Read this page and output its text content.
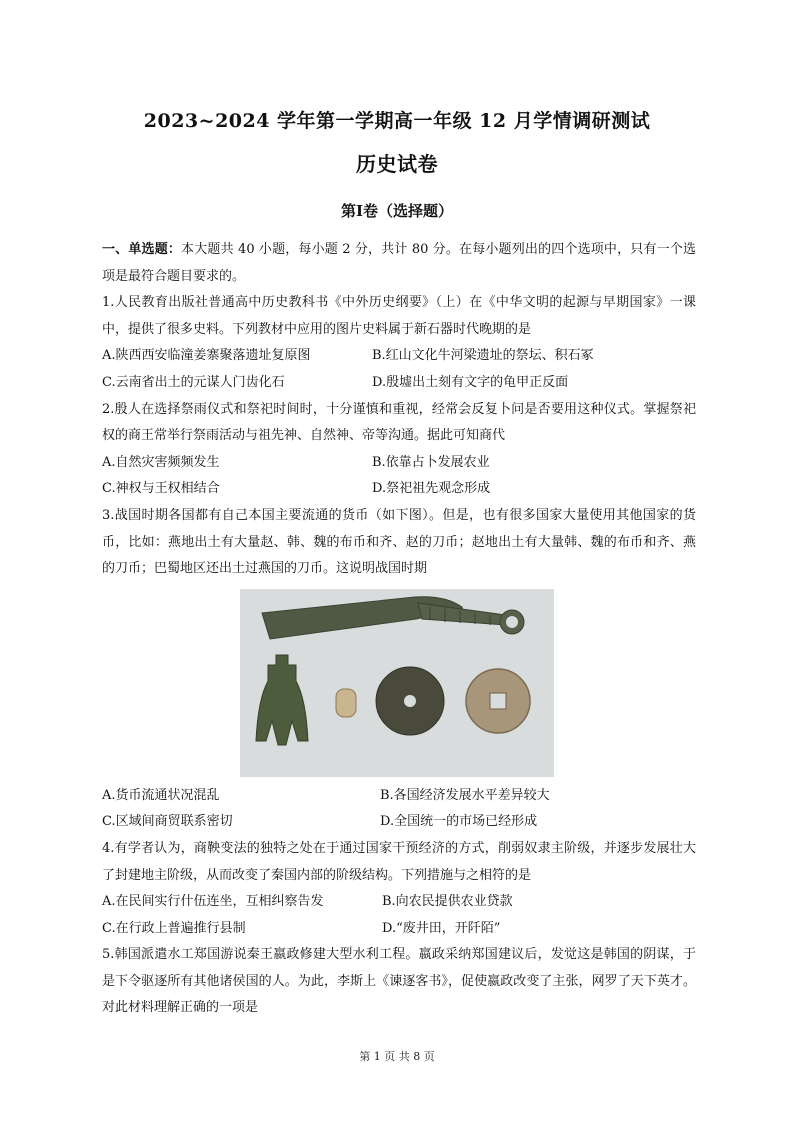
2023~2024 学年第一学期高一年级 12 月学情调研测试
历史试卷
第Ⅰ卷（选择题）

一、单选题：本大题共 40 小题，每小题 2 分，共计 80 分。在每小题列出的四个选项中，只有一个选项是最符合题目要求的。

1.人民教育出版社普通高中历史教科书《中外历史纲要》（上）在《中华文明的起源与早期国家》一课中，提供了很多史料。下列教材中应用的图片史料属于新石器时代晚期的是

A.陕西西安临潼姜寨聚落遗址复原图	B.红山文化牛河梁遗址的祭坛、积石冢
C.云南省出土的元谋人门齿化石	D.殷墟出土刻有文字的龟甲正反面

2.殷人在选择祭雨仪式和祭祀时间时，十分谨慎和重视，经常会反复卜问是否要用这种仪式。掌握祭祀权的商王常举行祭雨活动与祖先神、自然神、帝等沟通。据此可知商代

A.自然灾害频频发生	B.依靠占卜发展农业
C.神权与王权相结合	D.祭祀祖先观念形成

3.战国时期各国都有自己本国主要流通的货币（如下图）。但是，也有很多国家大量使用其他国家的货币，比如：燕地出土有大量赵、韩、魏的布币和齐、赵的刀币；赵地出土有大量韩、魏的布币和齐、燕的刀币；巴蜀地区还出土过燕国的刀币。这说明战国时期

A.货币流通状况混乱	B.各国经济发展水平差异较大
C.区域间商贸联系密切	D.全国统一的市场已经形成

4.有学者认为，商鞅变法的独特之处在于通过国家干预经济的方式，削弱奴隶主阶级，并逐步发展壮大了封建地主阶级，从而改变了秦国内部的阶级结构。下列措施与之相符的是

A.在民间实行什伍连坐，互相纠察告发	B.向农民提供农业贷款
C.在行政上普遍推行县制	D.“废井田，开阡陌”

5.韩国派遣水工郑国游说秦王嬴政修建大型水利工程。嬴政采纳郑国建议后，发觉这是韩国的阴谋，于是下令驱逐所有其他诸侯国的人。为此，李斯上《谏逐客书》，促使嬴政改变了主张，网罗了天下英才。对此材料理解正确的一项是

第 1 页 共 8 页
